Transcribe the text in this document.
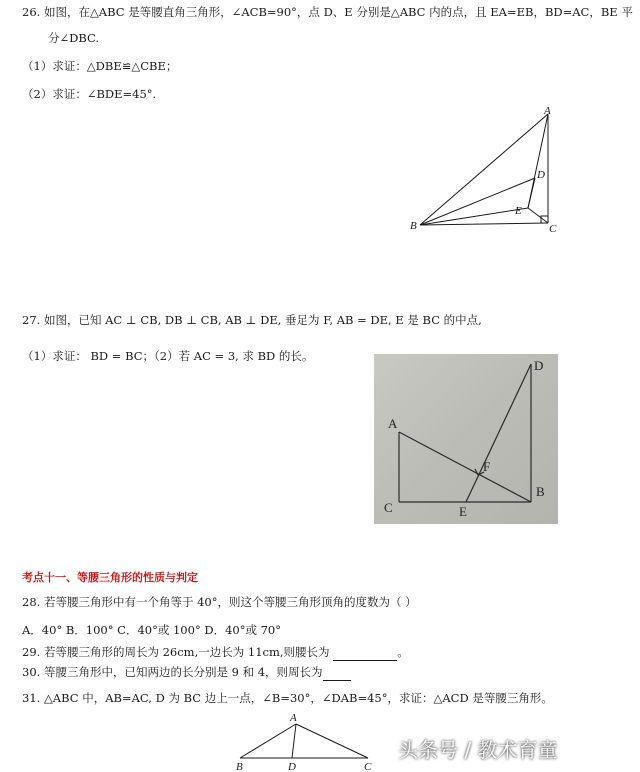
26. 如图，在△ABC 是等腰直角三角形，∠ACB=90°，点 D、E 分别是△ABC 内的点，且 EA=EB，BD=AC，BE 平
分∠DBC.
（1）求证：△DBE≌△CBE；
（2）求证：∠BDE=45°.
A
B	C
D
E
27. 如图，已知 AC ⊥ CB, DB ⊥ CB, AB ⊥ DE, 垂足为 F, AB = DE, E 是 BC 的中点,
（1）求证： BD = BC；（2）若 AC = 3, 求 BD 的长。
A
B
C
D
E
F
考点十一、等腰三角形的性质与判定
28. 若等腰三角形中有一个角等于 40°，则这个等腰三角形顶角的度数为（ ）
A．40° B．100° C．40°或 100° D．40°或 70°
29. 若等腰三角形的周长为 26cm,一边长为 11cm,则腰长为	。
30. 等腰三角形中，已知两边的长分别是 9 和 4，则周长为
31. △ABC 中，AB=AC, D 为 BC 边上一点，∠B=30°，∠DAB=45°，求证：△ACD 是等腰三角形。
A
B	C
D
头条号 / 教术育童
